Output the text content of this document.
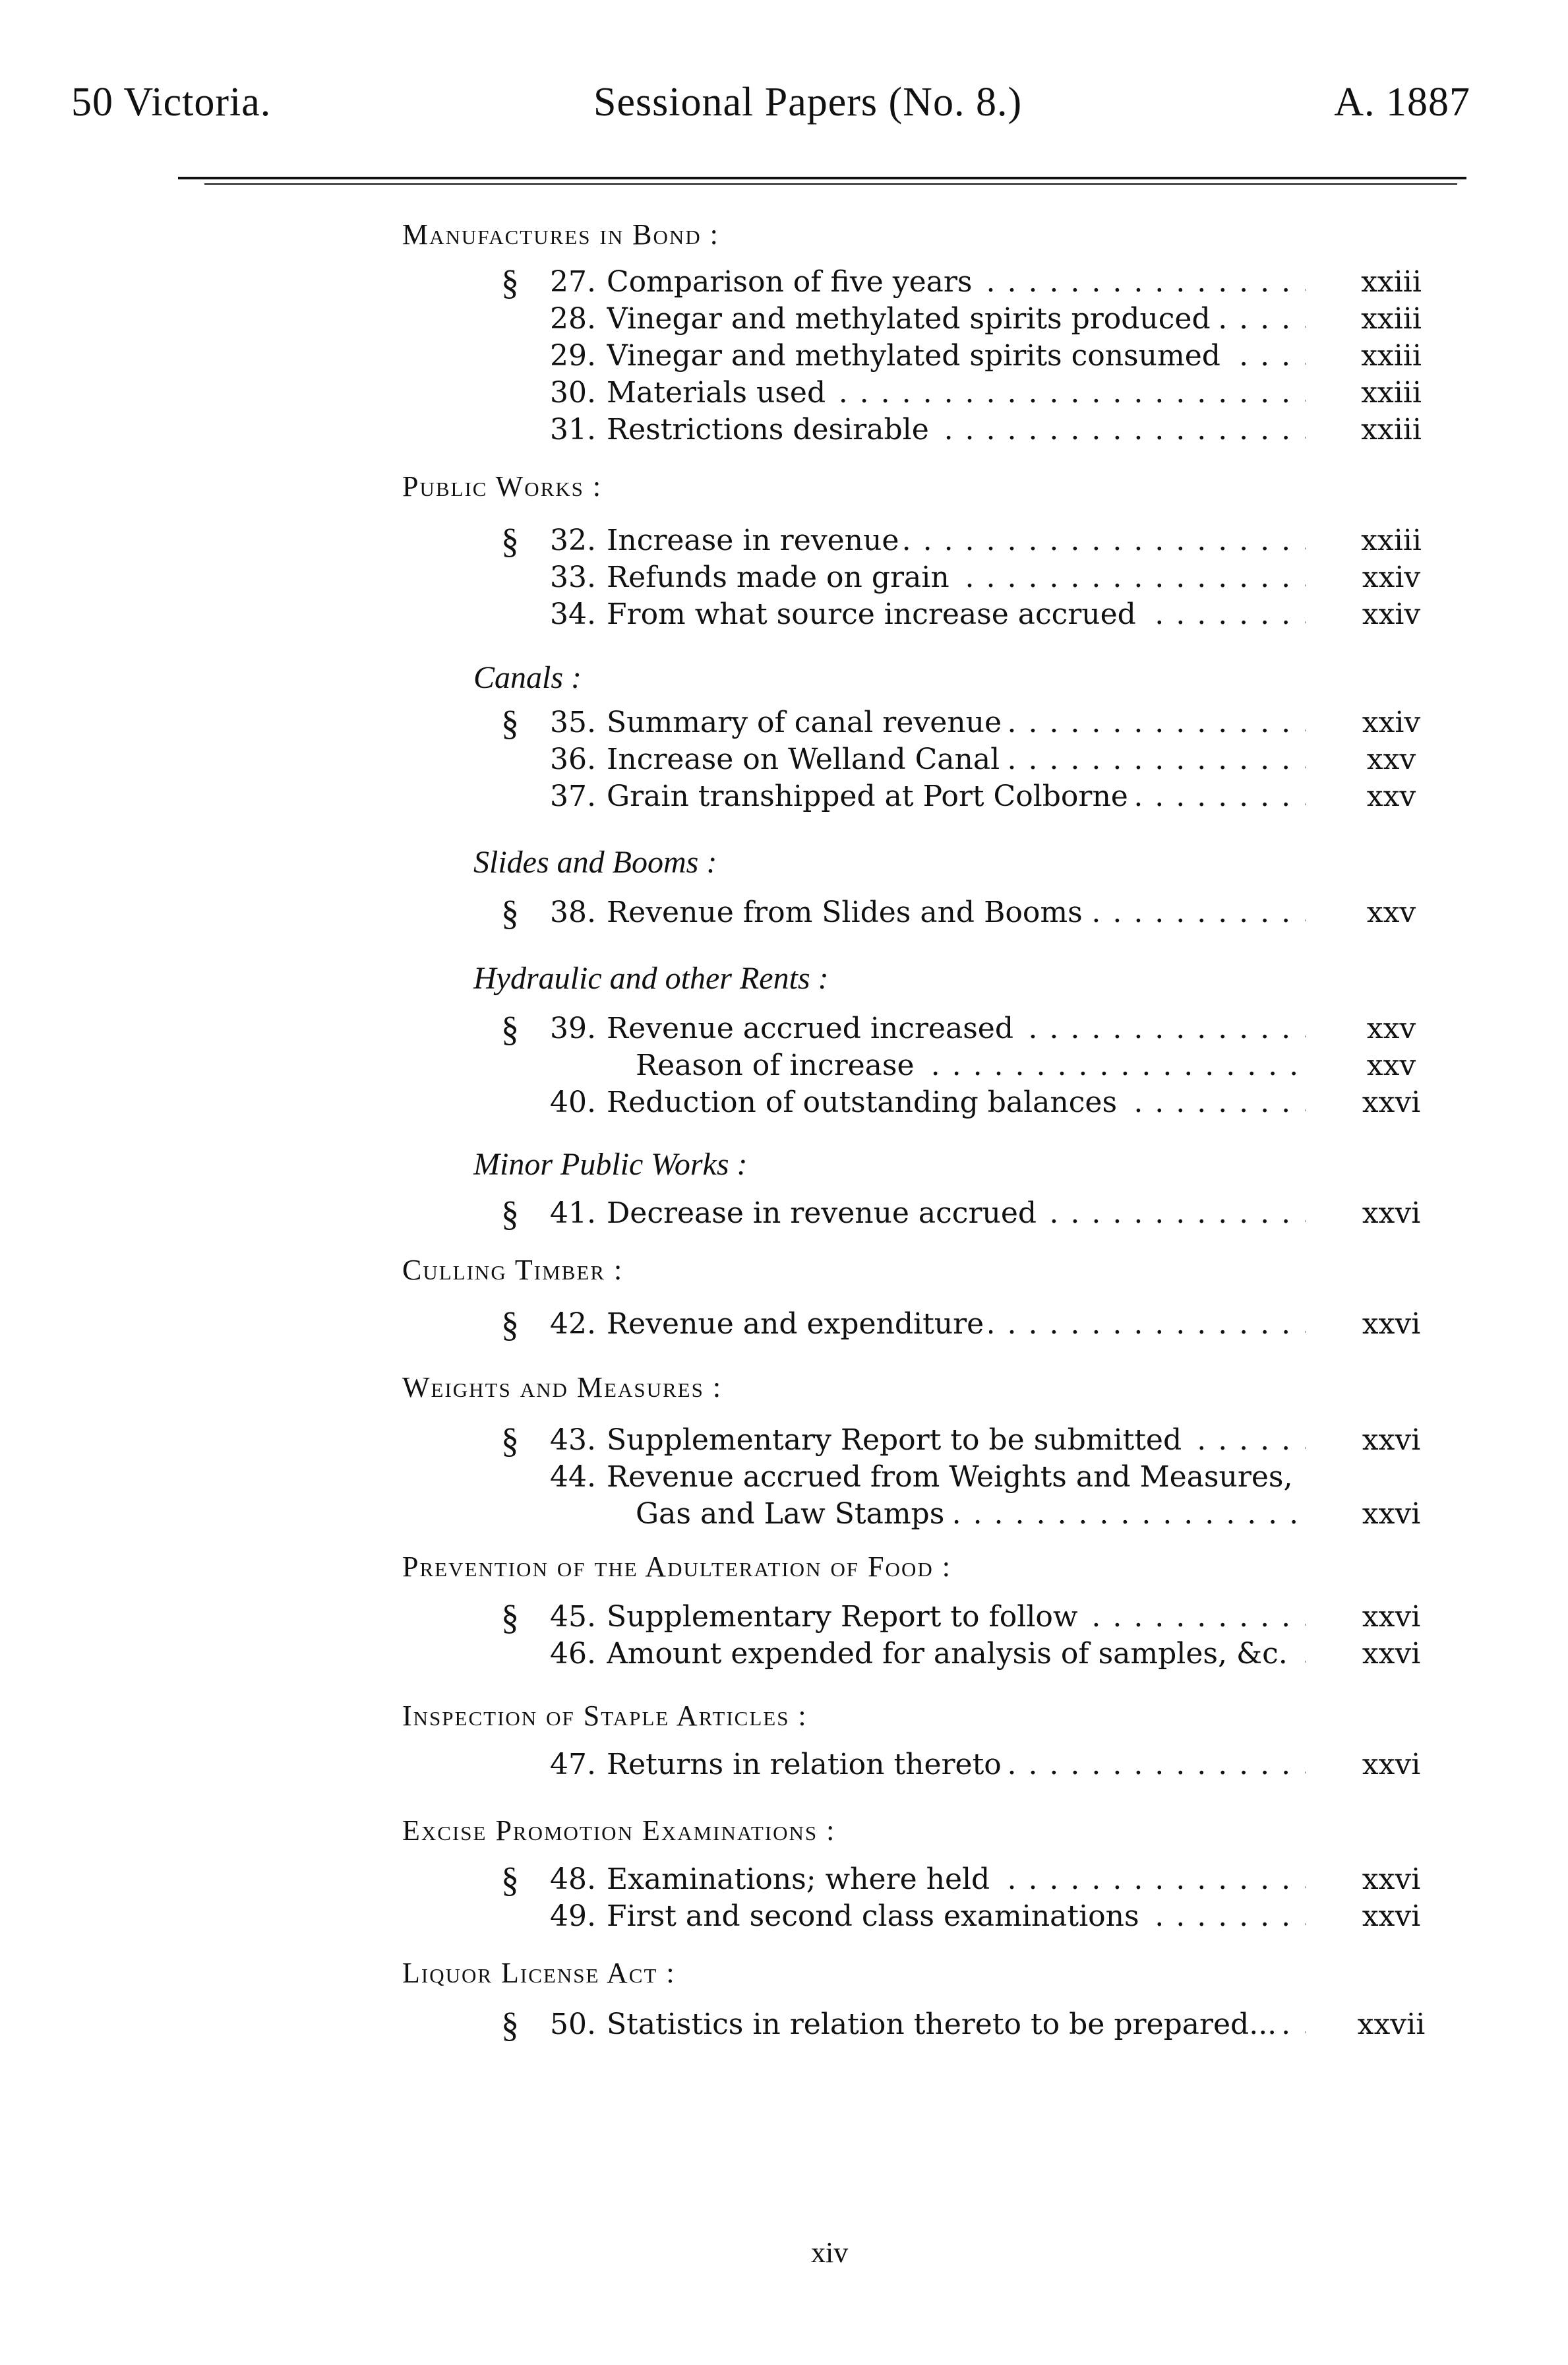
50 Victoria.	Sessional Papers (No. 8.)	A. 1887
Manufactures in Bond :
Public Works :
Canals :
Slides and Booms :
Hydraulic and other Rents :
Minor Public Works :
Culling Timber :
Weights and Measures :
Prevention of the Adulteration of Food :
Inspection of Staple Articles :
Excise Promotion Examinations :
Liquor License Act :
§	27. Comparison of five years . . .	xxiii
28. Vinegar and methylated spirits produced . . .	xxiii
29. Vinegar and methylated spirits consumed . . .	xxiii
30. Materials used . . .	xxiii
31. Restrictions desirable . . .	xxiii
§	32. Increase in revenue . . .	xxiii
33. Refunds made on grain . . .	xxiv
34. From what source increase accrued . . .	xxiv
§	35. Summary of canal revenue . . .	xxiv
36. Increase on Welland Canal . . .	xxv
37. Grain transhipped at Port Colborne . . .	xxv
§	38. Revenue from Slides and Booms . . .	xxv
§	39. Revenue accrued increased . . .	xxv
Reason of increase . . .	xxv
40. Reduction of outstanding balances . . .	xxvi
§	41. Decrease in revenue accrued . . .	xxvi
§	42. Revenue and expenditure . . .	xxvi
§	43. Supplementary Report to be submitted . . .	xxvi
44. Revenue accrued from Weights and Measures,
Gas and Law Stamps . . .	xxvi
§	45. Supplementary Report to follow . . .	xxvi
46. Amount expended for analysis of samples, &c. . . .	xxvi
47. Returns in relation thereto . . .	xxvi
§	48. Examinations; where held . . .	xxvi
49. First and second class examinations . . .	xxvi
§	50. Statistics in relation thereto to be prepared... . . .	xxvii
xiv
